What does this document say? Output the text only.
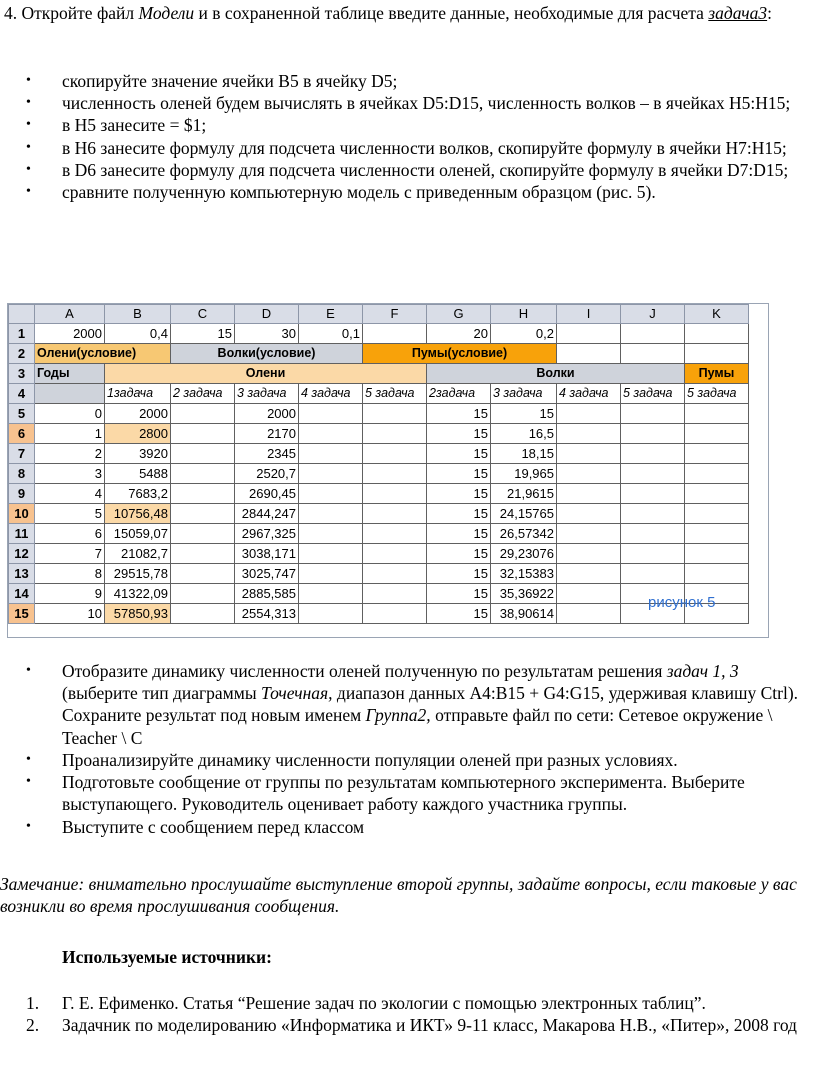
4. Откройте файл Модели и в сохраненной таблице введите данные, необходимые для расчета задача3:
• скопируйте значение ячейки B5 в ячейку D5;
• численность оленей будем вычислять в ячейках D5:D15, численность волков – в ячейках H5:H15;
• в H5 занесите = $1;
• в H6 занесите формулу для подсчета численности волков, скопируйте формулу в ячейки H7:H15;
• в D6 занесите формулу для подсчета численности оленей, скопируйте формулу в ячейки D7:D15;
• сравните полученную компьютерную модель с приведенным образцом (рис. 5).
	A	B	C	D	E	F	G	H	I	J	K
1	2000	0,4	15	30	0,1		20	0,2			
2	Олени(условие)		Волки(условие)			Пумы(условие)					
3	Годы	Олени					Волки				Пумы
4		1задача	2 задача	3 задача	4 задача	5 задача	2задача	3 задача	4 задача	5 задача	5 задача
5	0	2000		2000			15	15			
6	1	2800		2170			15	16,5			
7	2	3920		2345			15	18,15			
8	3	5488		2520,7			15	19,965			
9	4	7683,2		2690,45			15	21,9615			
10	5	10756,48		2844,247			15	24,15765			
11	6	15059,07		2967,325			15	26,57342			
12	7	21082,7		3038,171			15	29,23076			
13	8	29515,78		3025,747			15	32,15383			
14	9	41322,09		2885,585			15	35,36922			
15	10	57850,93		2554,313			15	38,90614			
рисунок 5
• Отобразите динамику численности оленей полученную по результатам решения задач 1, 3 (выберите тип диаграммы Точечная, диапазон данных A4:B15 + G4:G15, удерживая клавишу Ctrl). Сохраните результат под новым именем Группа2, отправьте файл по сети: Сетевое окружение \ Teacher \ C
• Проанализируйте динамику численности популяции оленей при разных условиях.
• Подготовьте сообщение от группы по результатам компьютерного эксперимента. Выберите выступающего. Руководитель оценивает работу каждого участника группы.
• Выступите с сообщением перед классом
Замечание: внимательно прослушайте выступление второй группы, задайте вопросы, если таковые у вас возникли во время прослушивания сообщения.
Используемые источники:
1. Г. Е. Ефименко. Статья “Решение задач по экологии с помощью электронных таблиц”.
2. Задачник по моделированию «Информатика и ИКТ» 9-11 класс, Макарова Н.В., «Питер», 2008 год
